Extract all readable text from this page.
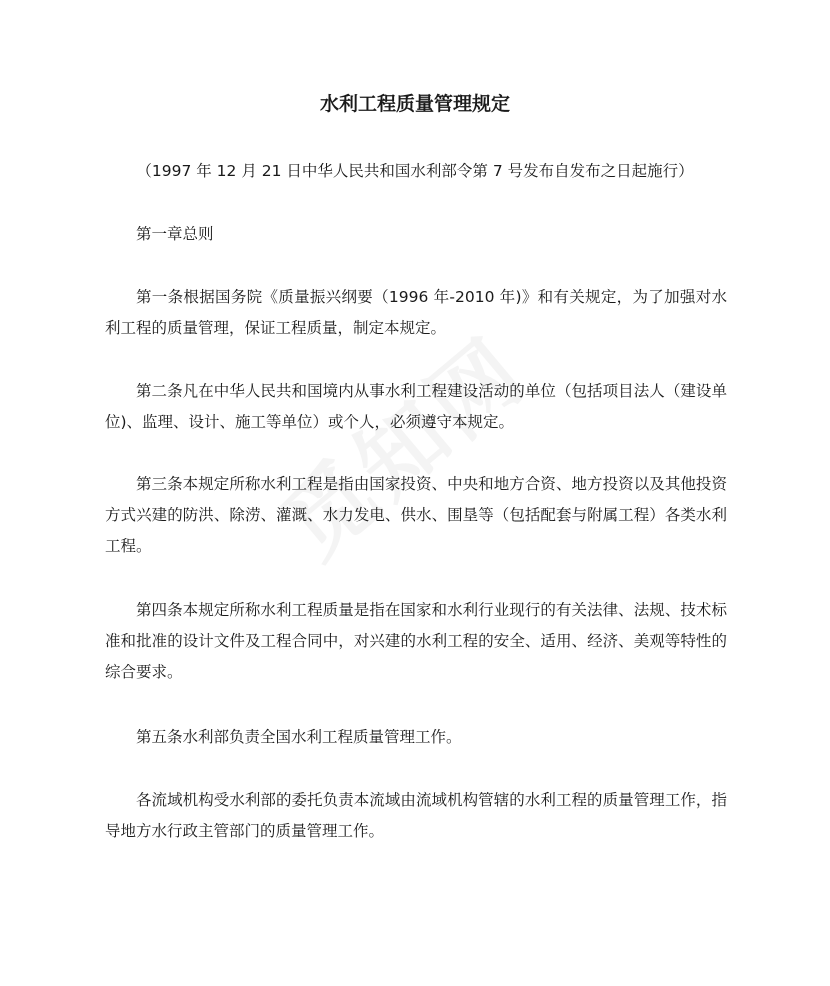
水利工程质量管理规定

（1997 年 12 月 21 日中华人民共和国水利部令第 7 号发布自发布之日起施行）

第一章总则

第一条根据国务院《质量振兴纲要（1996 年-2010 年)》和有关规定，为了加强对水利工程的质量管理，保证工程质量，制定本规定。

第二条凡在中华人民共和国境内从事水利工程建设活动的单位（包括项目法人（建设单位)、监理、设计、施工等单位）或个人，必须遵守本规定。

第三条本规定所称水利工程是指由国家投资、中央和地方合资、地方投资以及其他投资方式兴建的防洪、除涝、灌溉、水力发电、供水、围垦等（包括配套与附属工程）各类水利工程。

第四条本规定所称水利工程质量是指在国家和水利行业现行的有关法律、法规、技术标准和批准的设计文件及工程合同中，对兴建的水利工程的安全、适用、经济、美观等特性的综合要求。

第五条水利部负责全国水利工程质量管理工作。

各流域机构受水利部的委托负责本流域由流域机构管辖的水利工程的质量管理工作，指导地方水行政主管部门的质量管理工作。
